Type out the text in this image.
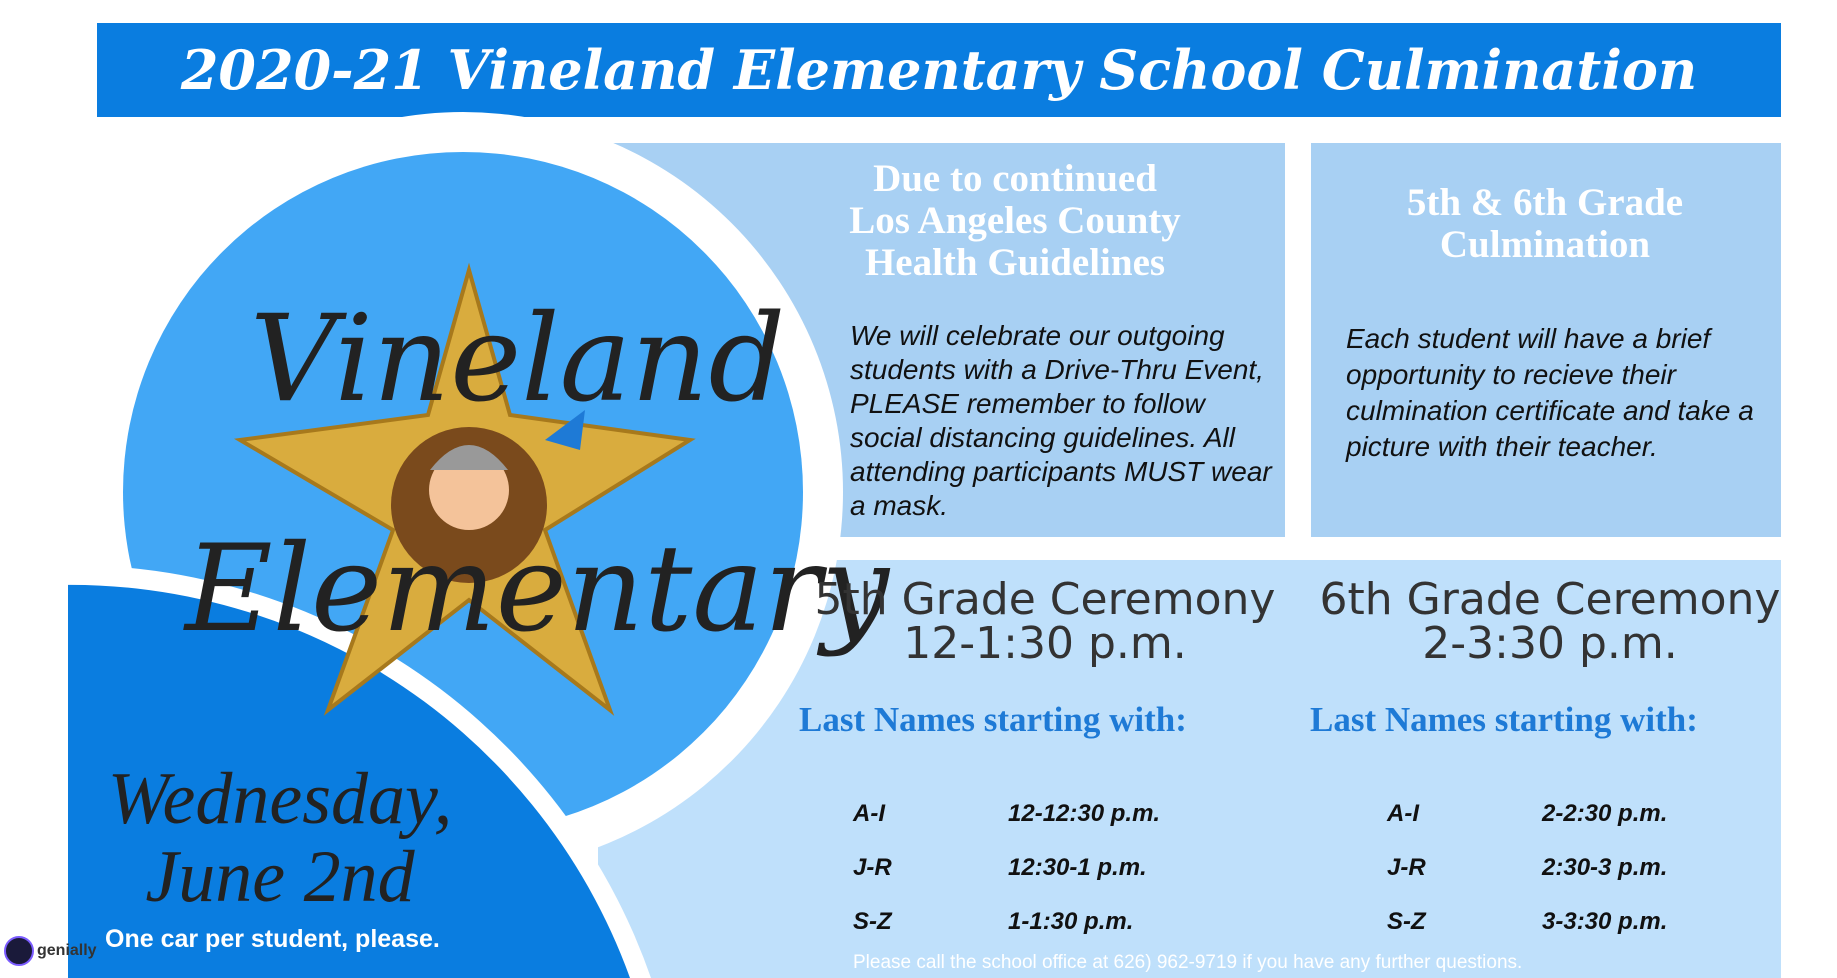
2020-21 Vineland Elementary School Culmination
Vineland
Elementary
Wednesday,
June 2nd
One car per student, please.
Due to continued
Los Angeles County
Health Guidelines
We will celebrate our outgoing students with a Drive-Thru Event, PLEASE remember to follow social distancing guidelines. All attending participants MUST wear a mask.
5th & 6th Grade
Culmination
Each student will have a brief opportunity to recieve their culmination certificate and take a picture with their teacher.
5th Grade Ceremony
12-1:30 p.m.
Last Names starting with:
A-I	12-12:30 p.m.
J-R	12:30-1 p.m.
S-Z	1-1:30 p.m.
6th Grade Ceremony
2-3:30 p.m.
Last Names starting with:
A-I	2-2:30 p.m.
J-R	2:30-3 p.m.
S-Z	3-3:30 p.m.
Please call the school office at 626) 962-9719 if you have any further questions.
genially
